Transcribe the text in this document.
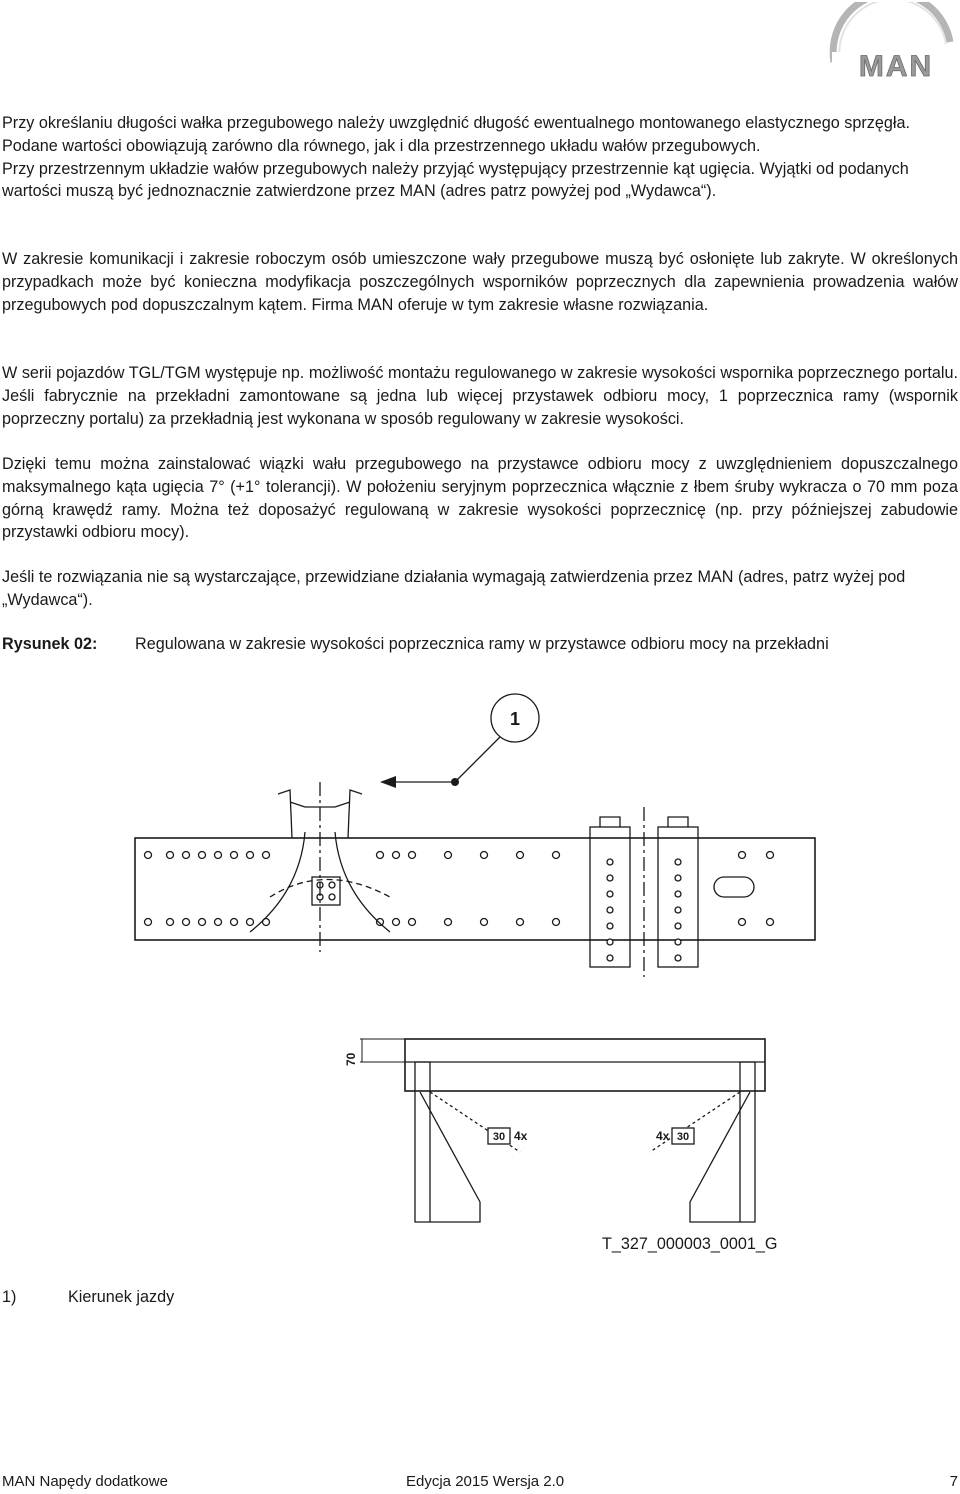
MAN

Przy określaniu długości wałka przegubowego należy uwzględnić długość ewentualnego montowanego elastycznego sprzęgła.
Podane wartości obowiązują zarówno dla równego, jak i dla przestrzennego układu wałów przegubowych.
Przy przestrzennym układzie wałów przegubowych należy przyjąć występujący przestrzennie kąt ugięcia. Wyjątki od podanych wartości muszą być jednoznacznie zatwierdzone przez MAN (adres patrz powyżej pod „Wydawca“).

W zakresie komunikacji i zakresie roboczym osób umieszczone wały przegubowe muszą być osłonięte lub zakryte. W określonych przypadkach może być konieczna modyfikacja poszczególnych wsporników poprzecznych dla zapewnienia prowadzenia wałów przegubowych pod dopuszczalnym kątem. Firma MAN oferuje w tym zakresie własne rozwiązania.

W serii pojazdów TGL/TGM występuje np. możliwość montażu regulowanego w zakresie wysokości wspornika poprzecznego portalu. Jeśli fabrycznie na przekładni zamontowane są jedna lub więcej przystawek odbioru mocy, 1 poprzecznica ramy (wspornik poprzeczny portalu) za przekładnią jest wykonana w sposób regulowany w zakresie wysokości.

Dzięki temu można zainstalować wiązki wału przegubowego na przystawce odbioru mocy z uwzględnieniem dopuszczalnego maksymalnego kąta ugięcia 7° (+1° tolerancji). W położeniu seryjnym poprzecznica włącznie z łbem śruby wykracza o 70 mm poza górną krawędź ramy. Można też doposażyć regulowaną w zakresie wysokości poprzecznicę (np. przy późniejszej zabudowie przystawki odbioru mocy).

Jeśli te rozwiązania nie są wystarczające, przewidziane działania wymagają zatwierdzenia przez MAN (adres, patrz wyżej pod „Wydawca“).

Rysunek 02: Regulowana w zakresie wysokości poprzecznica ramy w przystawce odbioru mocy na przekładni
1
70
30 4x	4x 30
T_327_000003_0001_G
1)	Kierunek jazdy
MAN Napędy dodatkowe	Edycja 2015 Wersja 2.0	7
